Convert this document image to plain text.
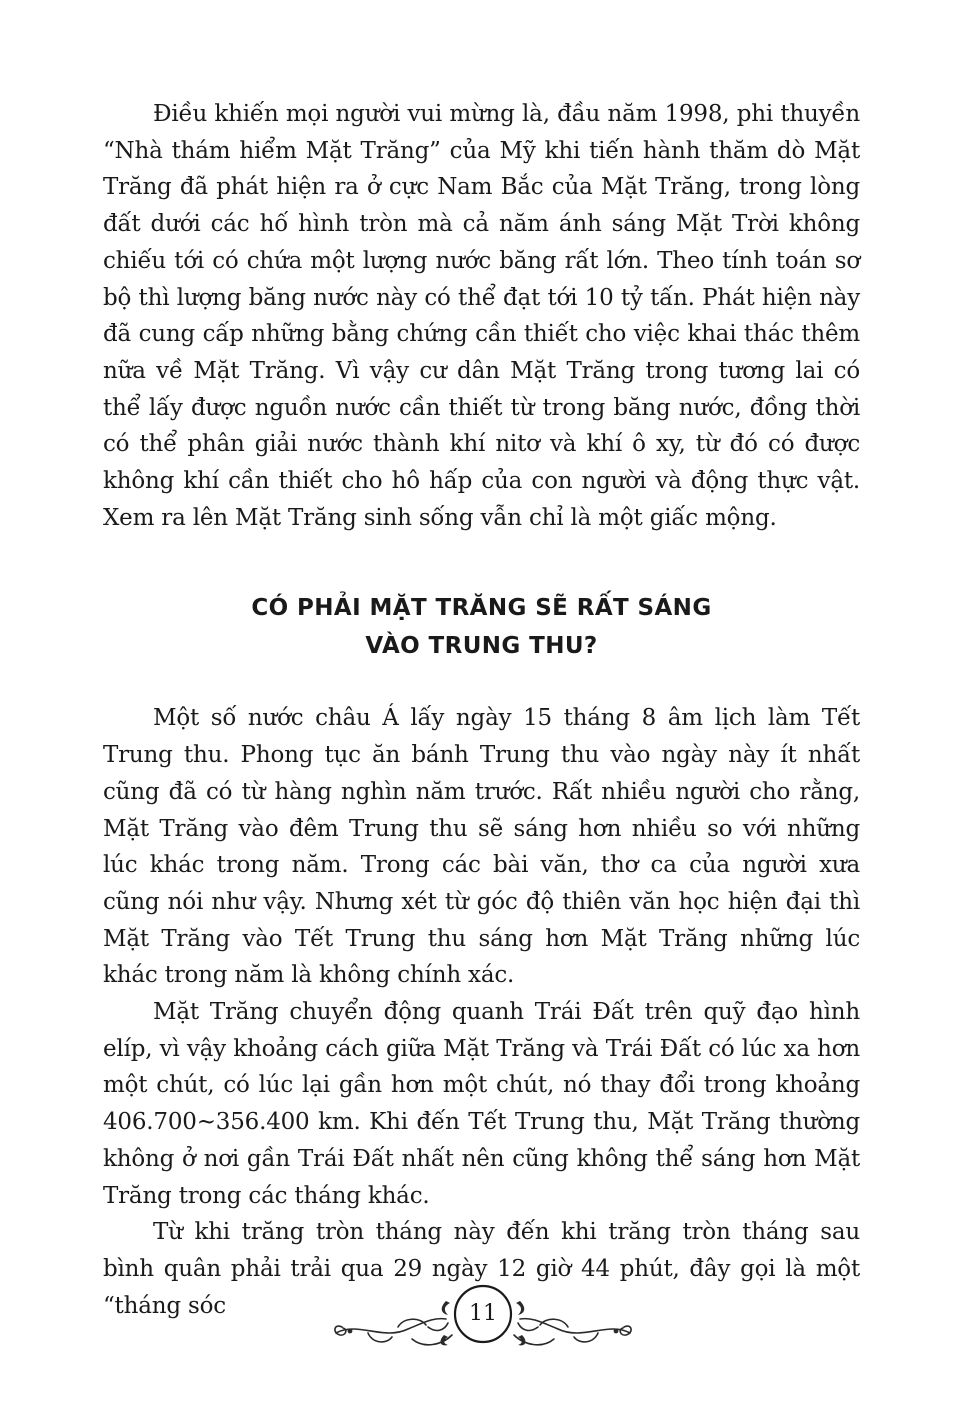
Điều khiến mọi người vui mừng là, đầu năm 1998, phi thuyền “Nhà thám hiểm Mặt Trăng” của Mỹ khi tiến hành thăm dò Mặt Trăng đã phát hiện ra ở cực Nam Bắc của Mặt Trăng, trong lòng đất dưới các hố hình tròn mà cả năm ánh sáng Mặt Trời không chiếu tới có chứa một lượng nước băng rất lớn. Theo tính toán sơ bộ thì lượng băng nước này có thể đạt tới 10 tỷ tấn. Phát hiện này đã cung cấp những bằng chứng cần thiết cho việc khai thác thêm nữa về Mặt Trăng. Vì vậy cư dân Mặt Trăng trong tương lai có thể lấy được nguồn nước cần thiết từ trong băng nước, đồng thời có thể phân giải nước thành khí nitơ và khí ô xy, từ đó có được không khí cần thiết cho hô hấp của con người và động thực vật. Xem ra lên Mặt Trăng sinh sống vẫn chỉ là một giấc mộng.

CÓ PHẢI MẶT TRĂNG SẼ RẤT SÁNG
VÀO TRUNG THU?

Một số nước châu Á lấy ngày 15 tháng 8 âm lịch làm Tết Trung thu. Phong tục ăn bánh Trung thu vào ngày này ít nhất cũng đã có từ hàng nghìn năm trước. Rất nhiều người cho rằng, Mặt Trăng vào đêm Trung thu sẽ sáng hơn nhiều so với những lúc khác trong năm. Trong các bài văn, thơ ca của người xưa cũng nói như vậy. Nhưng xét từ góc độ thiên văn học hiện đại thì Mặt Trăng vào Tết Trung thu sáng hơn Mặt Trăng những lúc khác trong năm là không chính xác.

Mặt Trăng chuyển động quanh Trái Đất trên quỹ đạo hình elíp, vì vậy khoảng cách giữa Mặt Trăng và Trái Đất có lúc xa hơn một chút, có lúc lại gần hơn một chút, nó thay đổi trong khoảng 406.700~356.400 km. Khi đến Tết Trung thu, Mặt Trăng thường không ở nơi gần Trái Đất nhất nên cũng không thể sáng hơn Mặt Trăng trong các tháng khác.

Từ khi trăng tròn tháng này đến khi trăng tròn tháng sau bình quân phải trải qua 29 ngày 12 giờ 44 phút, đây gọi là một “tháng sóc	11
